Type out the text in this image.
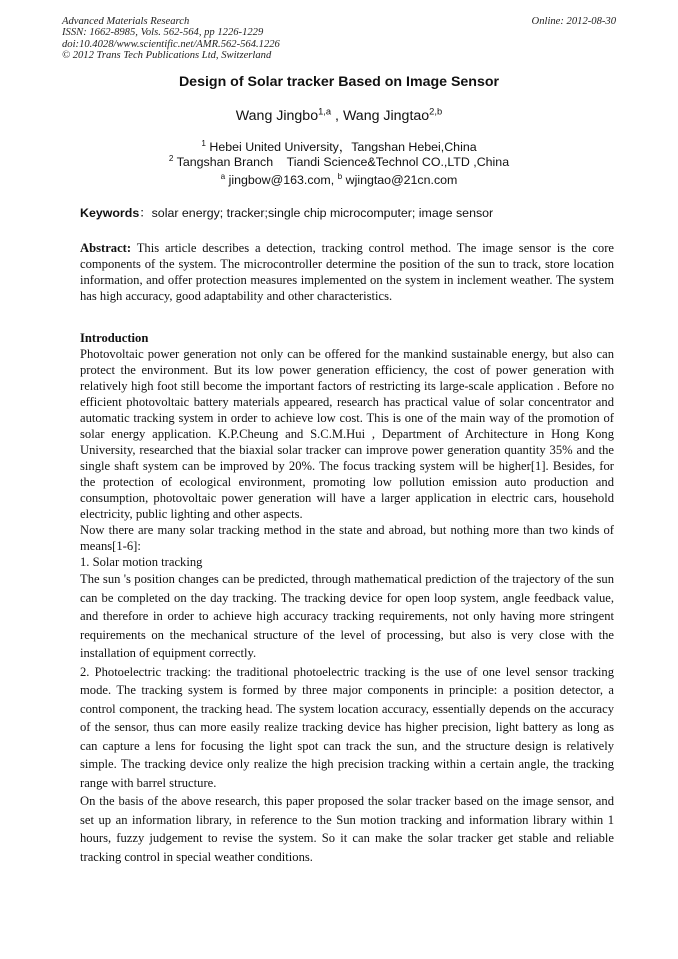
Advanced Materials Research
ISSN: 1662-8985, Vols. 562-564, pp 1226-1229
doi:10.4028/www.scientific.net/AMR.562-564.1226
© 2012 Trans Tech Publications Ltd, Switzerland
Online: 2012-08-30
Design of Solar tracker Based on Image Sensor
Wang Jingbo$^{1,a}$ , Wang Jingtao$^{2,b}$
$^1$ Hebei United University，Tangshan Hebei,China
$^2$ Tangshan Branch    Tiandi Science&Technol CO.,LTD ,China
$^a$ jingbow@163.com, $^b$ wjingtao@21cn.com
Keywords：solar energy; tracker;single chip microcomputer; image sensor
Abstract: This article describes a detection, tracking control method. The image sensor is the core components of the system. The microcontroller determine the position of the sun to track, store location information, and offer protection measures implemented on the system in inclement weather. The system has high accuracy, good adaptability and other characteristics.

Introduction

Photovoltaic power generation not only can be offered for the mankind sustainable energy, but also can protect the environment. But its low power generation efficiency, the cost of power generation with relatively high foot still become the important factors of restricting its large-scale application . Before no efficient photovoltaic battery materials appeared, research has practical value of solar concentrator and automatic tracking system in order to achieve low cost. This is one of the main way of the promotion of solar energy application. K.P.Cheung and S.C.M.Hui , Department of Architecture in Hong Kong University, researched that the biaxial solar tracker can improve power generation quantity 35% and the single shaft system can be improved by 20%. The focus tracking system will be higher[1]. Besides, for the protection of ecological environment, promoting low pollution emission auto production and consumption, photovoltaic power generation will have a larger application in electric cars, household electricity, public lighting and other aspects.

Now there are many solar tracking method in the state and abroad, but nothing more than two kinds of means[1-6]:

1. Solar motion tracking

The sun 's position changes can be predicted, through mathematical prediction of the trajectory of the sun can be completed on the day tracking. The tracking device for open loop system, angle feedback value, and therefore in order to achieve high accuracy tracking requirements, not only having more stringent requirements on the mechanical structure of the level of processing, but also is very close with the installation of equipment correctly.

2. Photoelectric tracking: the traditional photoelectric tracking is the use of one level sensor tracking mode. The tracking system is formed by three major components in principle: a position detector, a control component, the tracking head. The system location accuracy, essentially depends on the accuracy of the sensor, thus can more easily realize tracking device has higher precision, light battery as long as can capture a lens for focusing the light spot can track the sun, and the structure design is relatively simple. The tracking device only realize the high precision tracking within a certain angle, the tracking range with barrel structure.

On the basis of the above research, this paper proposed the solar tracker based on the image sensor, and set up an information library, in reference to the Sun motion tracking and information library within 1 hours, fuzzy judgement to revise the system. So it can make the solar tracker get stable and reliable tracking control in special weather conditions.
